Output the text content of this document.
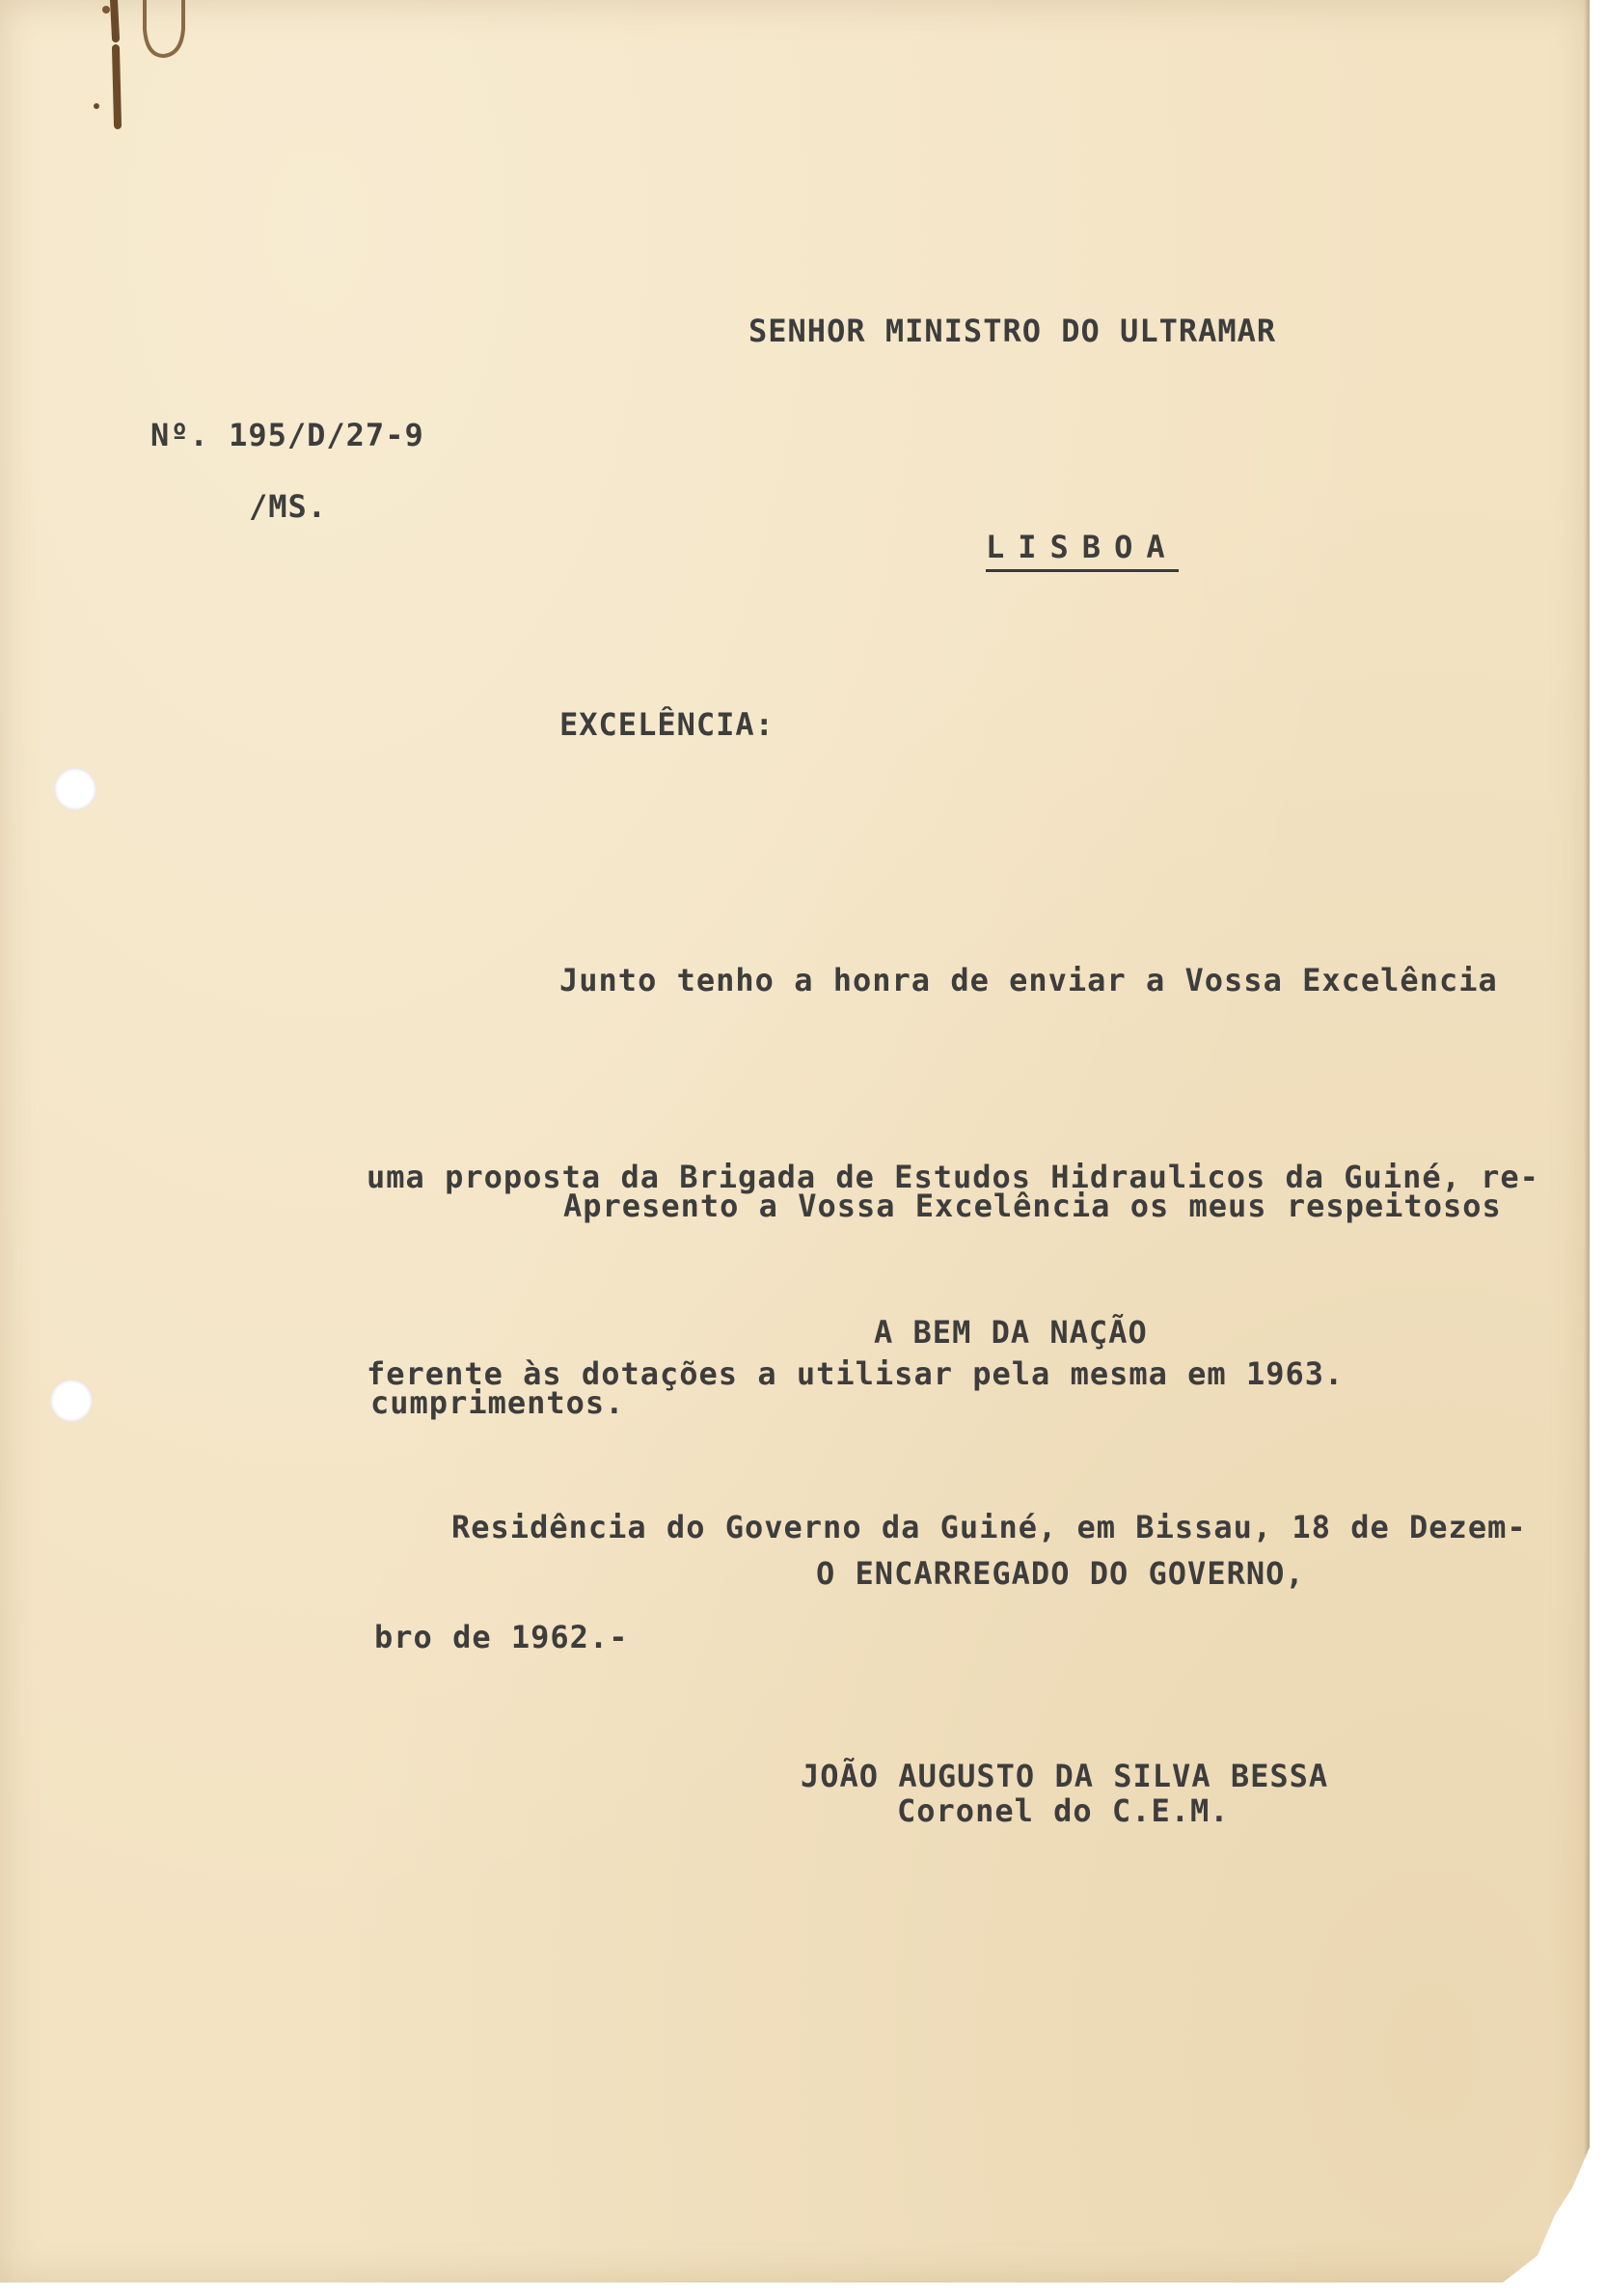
SENHOR MINISTRO DO ULTRAMAR
Nº. 195/D/27-9
/MS.
LISBOA
EXCELÊNCIA:

Junto tenho a honra de enviar a Vossa Excelência

uma proposta da Brigada de Estudos Hidraulicos da Guiné, re-

ferente às dotações a utilisar pela mesma em 1963.

Apresento a Vossa Excelência os meus respeitosos

cumprimentos.

A BEM DA NAÇÃO

Residência do Governo da Guiné, em Bissau, 18 de Dezem-

bro de 1962.-

O ENCARREGADO DO GOVERNO,
JOÃO AUGUSTO DA SILVA BESSA
Coronel do C.E.M.
